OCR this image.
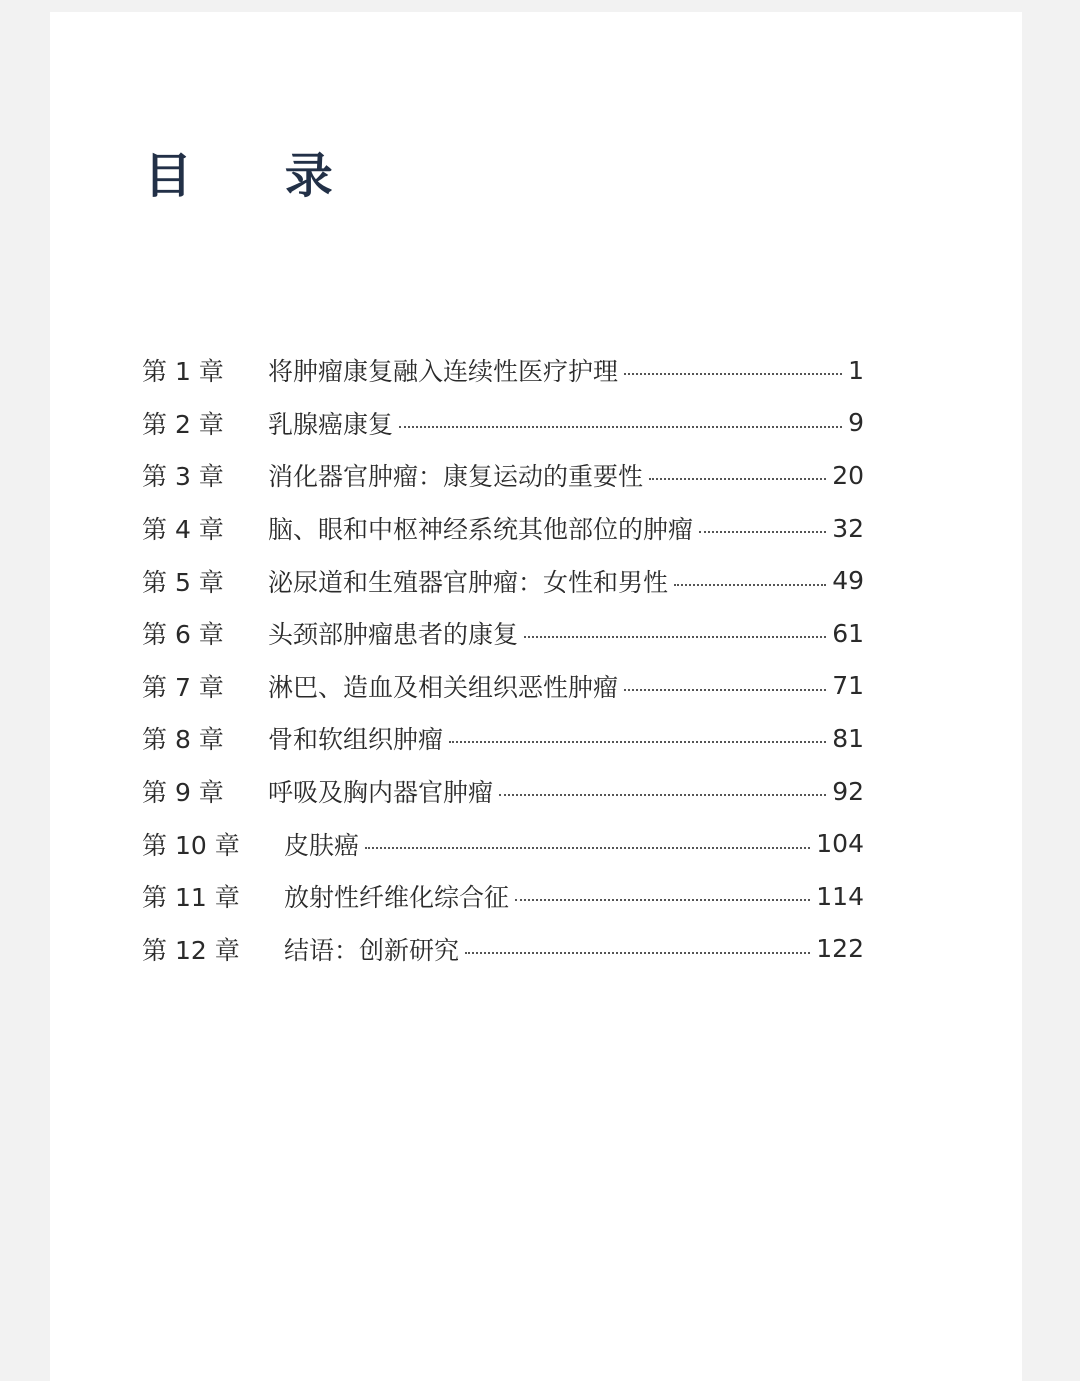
目 录
第 1 章	将肿瘤康复融入连续性医疗护理	1
第 2 章	乳腺癌康复	9
第 3 章	消化器官肿瘤：康复运动的重要性	20
第 4 章	脑、眼和中枢神经系统其他部位的肿瘤	32
第 5 章	泌尿道和生殖器官肿瘤：女性和男性	49
第 6 章	头颈部肿瘤患者的康复	61
第 7 章	淋巴、造血及相关组织恶性肿瘤	71
第 8 章	骨和软组织肿瘤	81
第 9 章	呼吸及胸内器官肿瘤	92
第 10 章	皮肤癌	104
第 11 章	放射性纤维化综合征	114
第 12 章	结语：创新研究	122
